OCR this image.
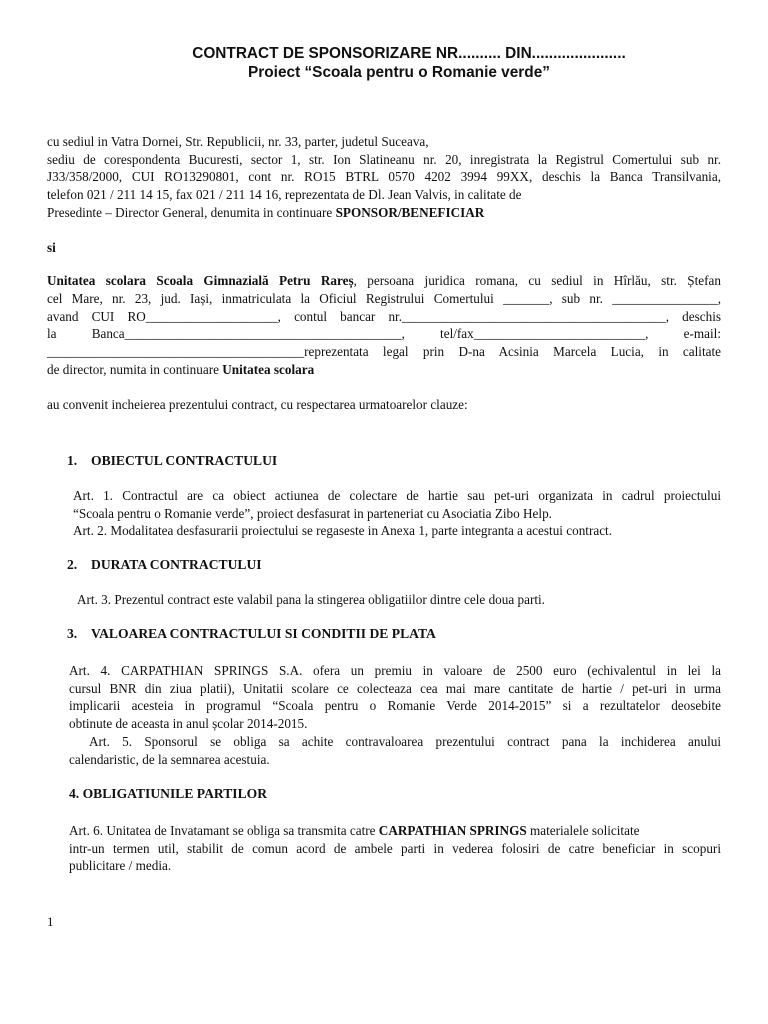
CONTRACT DE SPONSORIZARE NR.......... DIN......................
Proiect “Scoala pentru o Romanie verde”
cu sediul in Vatra Dornei, Str. Republicii, nr. 33, parter, judetul Suceava,
sediu de corespondenta Bucuresti, sector 1, str. Ion Slatineanu nr. 20, inregistrata la Registrul Comertului sub nr.
J33/358/2000, CUI RO13290801, cont nr. RO15 BTRL 0570 4202 3994 99XX, deschis la Banca Transilvania,
telefon 021 / 211 14 15, fax 021 / 211 14 16, reprezentata de Dl. Jean Valvis, in calitate de
Presedinte – Director General, denumita in continuare SPONSOR/BENEFICIAR
si
Unitatea scolara Scoala Gimnazială Petru Rareș, persoana juridica romana, cu sediul in Hîrlău, str. Ștefan
cel Mare, nr. 23, jud. Iași, inmatriculata la Oficiul Registrului Comertului _______, sub nr. ________________,
avand CUI RO____________________, contul bancar nr.________________________________________, deschis
la Banca__________________________________________, tel/fax__________________________, e-mail:
_______________________________________reprezentata legal prin D-na Acsinia Marcela Lucia, in calitate
de director, numita in continuare Unitatea scolara
au convenit incheierea prezentului contract, cu respectarea urmatoarelor clauze:
1. OBIECTUL CONTRACTULUI
Art. 1. Contractul are ca obiect actiunea de colectare de hartie sau pet-uri organizata in cadrul proiectului
“Scoala pentru o Romanie verde”, proiect desfasurat in parteneriat cu Asociatia Zibo Help.
Art. 2. Modalitatea desfasurarii proiectului se regaseste in Anexa 1, parte integranta a acestui contract.
2. DURATA CONTRACTULUI
Art. 3. Prezentul contract este valabil pana la stingerea obligatiilor dintre cele doua parti.
3. VALOAREA CONTRACTULUI SI CONDITII DE PLATA
Art. 4. CARPATHIAN SPRINGS S.A. ofera un premiu in valoare de 2500 euro (echivalentul in lei la
cursul BNR din ziua platii), Unitatii scolare ce colecteaza cea mai mare cantitate de hartie / pet-uri in urma
implicarii acesteia in programul “Scoala pentru o Romanie Verde 2014-2015” si a rezultatelor deosebite
obtinute de aceasta in anul școlar 2014-2015.
Art. 5. Sponsorul se obliga sa achite contravaloarea prezentului contract pana la inchiderea anului
calendaristic, de la semnarea acestuia.
4. OBLIGATIUNILE PARTILOR
Art. 6. Unitatea de Invatamant se obliga sa transmita catre CARPATHIAN SPRINGS materialele solicitate
intr-un termen util, stabilit de comun acord de ambele parti in vederea folosiri de catre beneficiar in scopuri
publicitare / media.
1
